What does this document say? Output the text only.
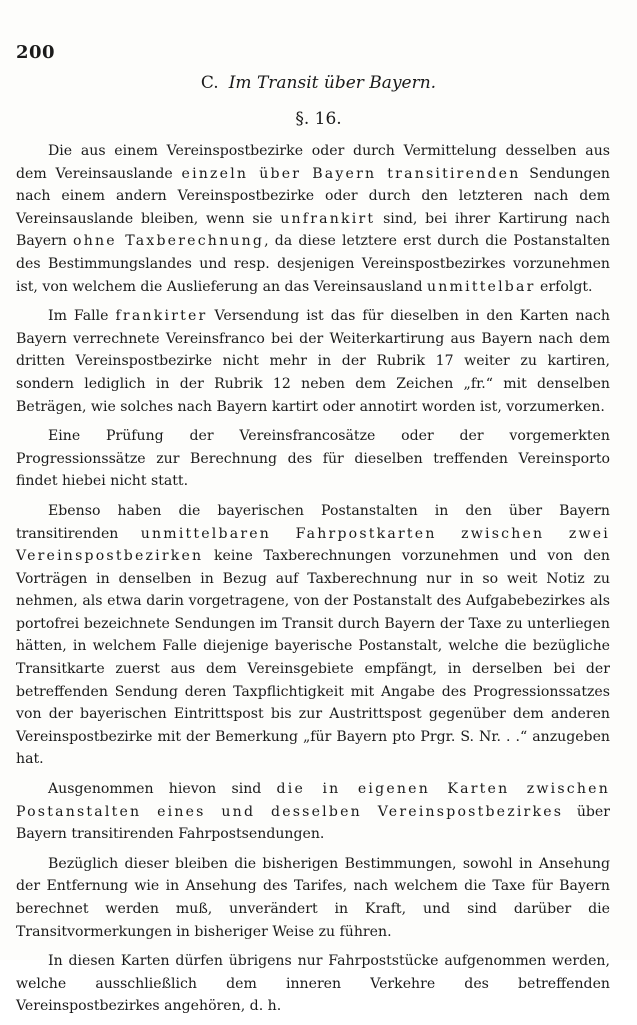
200
C. Im Transit über Bayern.
§. 16.

Die aus einem Vereinspostbezirke oder durch Vermittelung desselben aus dem Vereinsauslande einzeln über Bayern transitirenden Sendungen nach einem andern Vereinspostbezirke oder durch den letzteren nach dem Vereinsauslande bleiben, wenn sie unfrankirt sind, bei ihrer Kartirung nach Bayern ohne Taxberechnung, da diese letztere erst durch die Postanstalten des Bestimmungslandes und resp. desjenigen Vereinspostbezirkes vorzunehmen ist, von welchem die Auslieferung an das Vereinsausland unmittelbar erfolgt.

Im Falle frankirter Versendung ist das für dieselben in den Karten nach Bayern verrechnete Vereinsfranco bei der Weiterkartirung aus Bayern nach dem dritten Vereinspostbezirke nicht mehr in der Rubrik 17 weiter zu kartiren, sondern lediglich in der Rubrik 12 neben dem Zeichen „fr.“ mit denselben Beträgen, wie solches nach Bayern kartirt oder annotirt worden ist, vorzumerken.

Eine Prüfung der Vereinsfrancosätze oder der vorgemerkten Progressionssätze zur Berechnung des für dieselben treffenden Vereinsporto findet hiebei nicht statt.

Ebenso haben die bayerischen Postanstalten in den über Bayern transitirenden unmittelbaren Fahrpostkarten zwischen zwei Vereinspostbezirken keine Taxberechnungen vorzunehmen und von den Vorträgen in denselben in Bezug auf Taxberechnung nur in so weit Notiz zu nehmen, als etwa darin vorgetragene, von der Postanstalt des Aufgabebezirkes als portofrei bezeichnete Sendungen im Transit durch Bayern der Taxe zu unterliegen hätten, in welchem Falle diejenige bayerische Postanstalt, welche die bezügliche Transitkarte zuerst aus dem Vereinsgebiete empfängt, in derselben bei der betreffenden Sendung deren Taxpflichtigkeit mit Angabe des Progressionssatzes von der bayerischen Eintrittspost bis zur Austrittspost gegenüber dem anderen Vereinspostbezirke mit der Bemerkung „für Bayern pto Prgr. S. Nr. . .“ anzugeben hat.

Ausgenommen hievon sind die in eigenen Karten zwischen Postanstalten eines und desselben Vereinspostbezirkes über Bayern transitirenden Fahrpostsendungen.

Bezüglich dieser bleiben die bisherigen Bestimmungen, sowohl in Ansehung der Entfernung wie in Ansehung des Tarifes, nach welchem die Taxe für Bayern berechnet werden muß, unverändert in Kraft, und sind darüber die Transitvormerkungen in bisheriger Weise zu führen.

In diesen Karten dürfen übrigens nur Fahrpoststücke aufgenommen werden, welche ausschließlich dem inneren Verkehre des betreffenden Vereinspostbezirkes angehören, d. h.
